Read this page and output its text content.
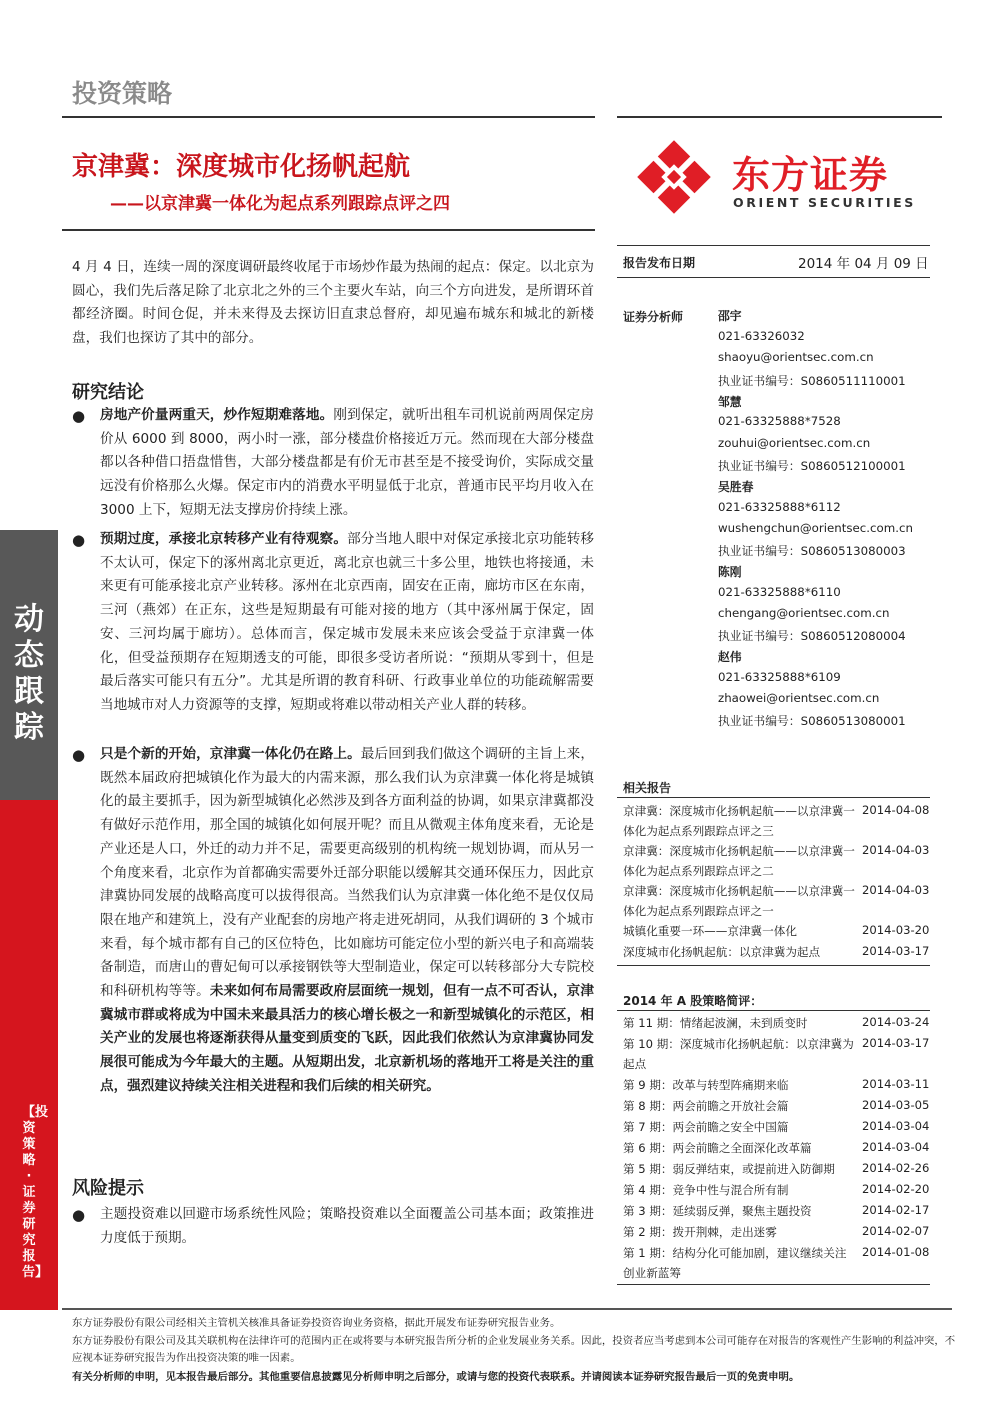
投资策略
京津冀：深度城市化扬帆起航
——以京津冀一体化为起点系列跟踪点评之四
东方证券
ORIENT SECURITIES
动态跟踪
【投资策略 · 证券研究报告】
4 月 4 日，连续一周的深度调研最终收尾于市场炒作最为热闹的起点：保定。以北京为圆心，我们先后落足除了北京北之外的三个主要火车站，向三个方向进发，是所谓环首都经济圈。时间仓促，并未来得及去探访旧直隶总督府，却见遍布城东和城北的新楼盘，我们也探访了其中的部分。
研究结论
● 房地产价量两重天，炒作短期难落地。刚到保定，就听出租车司机说前两周保定房价从 6000 到 8000，两小时一涨，部分楼盘价格接近万元。然而现在大部分楼盘都以各种借口捂盘惜售，大部分楼盘都是有价无市甚至是不接受询价，实际成交量远没有价格那么火爆。保定市内的消费水平明显低于北京，普通市民平均月收入在 3000 上下，短期无法支撑房价持续上涨。
● 预期过度，承接北京转移产业有待观察。部分当地人眼中对保定承接北京功能转移不太认可，保定下的涿州离北京更近，离北京也就三十多公里，地铁也将接通，未来更有可能承接北京产业转移。涿州在北京西南，固安在正南，廊坊市区在东南，三河（燕郊）在正东，这些是短期最有可能对接的地方（其中涿州属于保定，固安、三河均属于廊坊）。总体而言，保定城市发展未来应该会受益于京津冀一体化，但受益预期存在短期透支的可能，即很多受访者所说：“预期从零到十，但是最后落实可能只有五分”。尤其是所谓的教育科研、行政事业单位的功能疏解需要当地城市对人力资源等的支撑，短期或将难以带动相关产业人群的转移。
● 只是个新的开始，京津冀一体化仍在路上。最后回到我们做这个调研的主旨上来，既然本届政府把城镇化作为最大的内需来源，那么我们认为京津冀一体化将是城镇化的最主要抓手，因为新型城镇化必然涉及到各方面利益的协调，如果京津冀都没有做好示范作用，那全国的城镇化如何展开呢？而且从微观主体角度来看，无论是产业还是人口，外迁的动力并不足，需要更高级别的机构统一规划协调，而从另一个角度来看，北京作为首都确实需要外迁部分职能以缓解其交通环保压力，因此京津冀协同发展的战略高度可以拔得很高。当然我们认为京津冀一体化绝不是仅仅局限在地产和建筑上，没有产业配套的房地产将走进死胡同，从我们调研的 3 个城市来看，每个城市都有自己的区位特色，比如廊坊可能定位小型的新兴电子和高端装备制造，而唐山的曹妃甸可以承接钢铁等大型制造业，保定可以转移部分大专院校和科研机构等等。未来如何布局需要政府层面统一规划，但有一点不可否认，京津冀城市群或将成为中国未来最具活力的核心增长极之一和新型城镇化的示范区，相关产业的发展也将逐渐获得从量变到质变的飞跃，因此我们依然认为京津冀协同发展很可能成为今年最大的主题。从短期出发，北京新机场的落地开工将是关注的重点，强烈建议持续关注相关进程和我们后续的相关研究。
风险提示
● 主题投资难以回避市场系统性风险；策略投资难以全面覆盖公司基本面；政策推进力度低于预期。
报告发布日期	2014 年 04 月 09 日
证券分析师	邵宇
021-63326032
shaoyu@orientsec.com.cn
执业证书编号：S0860511110001
邹慧
021-63325888*7528
zouhui@orientsec.com.cn
执业证书编号：S0860512100001
吴胜春
021-63325888*6112
wushengchun@orientsec.com.cn
执业证书编号：S0860513080003
陈刚
021-63325888*6110
chengang@orientsec.com.cn
执业证书编号：S0860512080004
赵伟
021-63325888*6109
zhaowei@orientsec.com.cn
执业证书编号：S0860513080001
相关报告
京津冀：深度城市化扬帆起航——以京津冀一体化为起点系列跟踪点评之三
2014-04-08
京津冀：深度城市化扬帆起航——以京津冀一体化为起点系列跟踪点评之二
2014-04-03
京津冀：深度城市化扬帆起航——以京津冀一体化为起点系列跟踪点评之一
2014-04-03
城镇化重要一环——京津冀一体化	2014-03-20
深度城市化扬帆起航：以京津冀为起点	2014-03-17
2014 年 A 股策略简评：
第 11 期：情绪起波澜，未到质变时	2014-03-24
第 10 期：深度城市化扬帆起航：以京津冀为起点
2014-03-17
第 9 期：改革与转型阵痛期来临	2014-03-11
第 8 期：两会前瞻之开放社会篇	2014-03-05
第 7 期：两会前瞻之安全中国篇	2014-03-04
第 6 期：两会前瞻之全面深化改革篇	2014-03-04
第 5 期：弱反弹结束，或提前进入防御期	2014-02-26
第 4 期：竞争中性与混合所有制	2014-02-20
第 3 期：延续弱反弹，聚焦主题投资	2014-02-17
第 2 期：拨开荆棘，走出迷雾	2014-02-07
第 1 期：结构分化可能加剧，建议继续关注创业新蓝筹
2014-01-08
东方证券股份有限公司经相关主管机关核准具备证券投资咨询业务资格，据此开展发布证券研究报告业务。
东方证券股份有限公司及其关联机构在法律许可的范围内正在或将要与本研究报告所分析的企业发展业务关系。因此，投资者应当考虑到本公司可能存在对报告的客观性产生影响的利益冲突，不应视本证券研究报告为作出投资决策的唯一因素。
有关分析师的申明，见本报告最后部分。其他重要信息披露见分析师申明之后部分，或请与您的投资代表联系。并请阅读本证券研究报告最后一页的免责申明。
